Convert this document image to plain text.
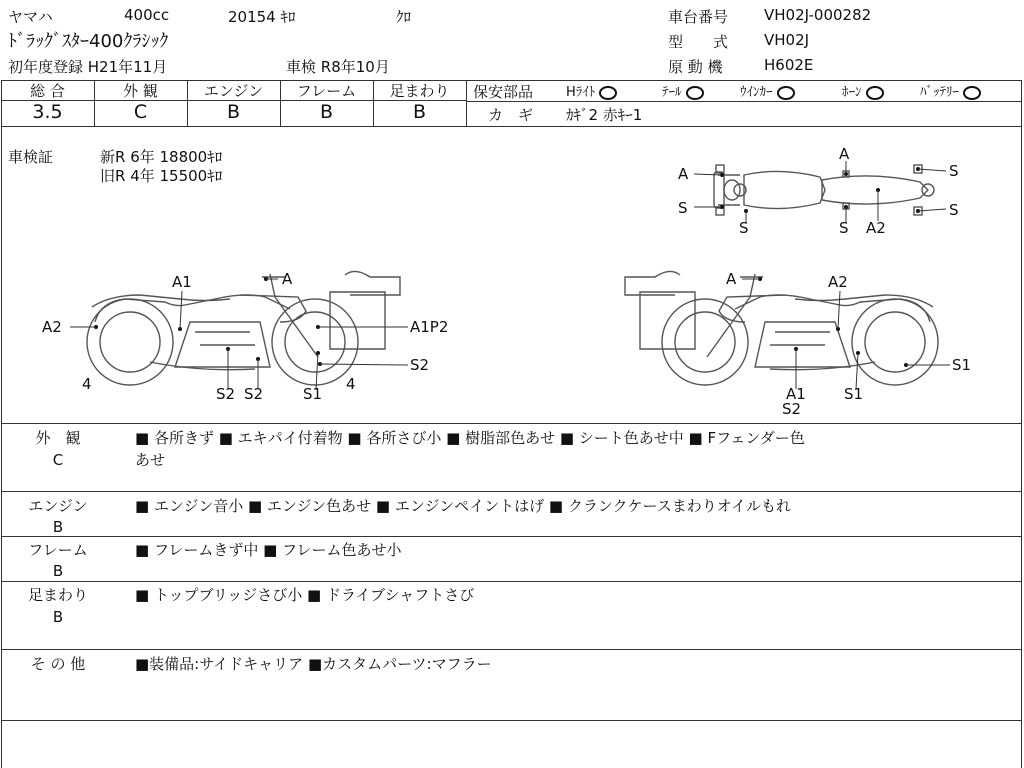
ヤマハ	400cc	20154 ｷﾛ	ｸﾛ
ﾄﾞﾗｯｸﾞｽﾀｰ400ｸﾗｼｯｸ
初年度登録 H21年11月	車検 R8年10月
車台番号 VH02J-000282
型　　式 VH02J
原 動 機	H602E
総 合	外 観	エンジン	フレーム	足まわり
3.5	C	B	B	B
保安部品	Hﾗｲﾄ	ﾃｰﾙ	ｳｲﾝｶｰ	ﾎｰﾝ	ﾊﾞｯﾃﾘｰ
カ　ギ ｶｷﾞ2 赤ｷｰ1
車検証	新R 6年 18800ｷﾛ
旧R 4年 15500ｷﾛ	A
A
S
S
S
S	S A2
A1	A
A2	A1P2
S2
4
S2 S2	S1
4
A	A2
S1
A1
S2
S1
外　観
C
■ 各所きず ■ エキパイ付着物 ■ 各所さび小 ■ 樹脂部色あせ ■ シート色あせ中 ■ Fフェンダー色
あせ
エンジン
B
■ エンジン音小 ■ エンジン色あせ ■ エンジンペイントはげ ■ クランクケースまわりオイルもれ
フレーム
B
■ フレームきず中 ■ フレーム色あせ小
足まわり
B
■ トップブリッジさび小 ■ ドライブシャフトさび
そ の 他	■装備品:サイドキャリア ■カスタムパーツ:マフラー
